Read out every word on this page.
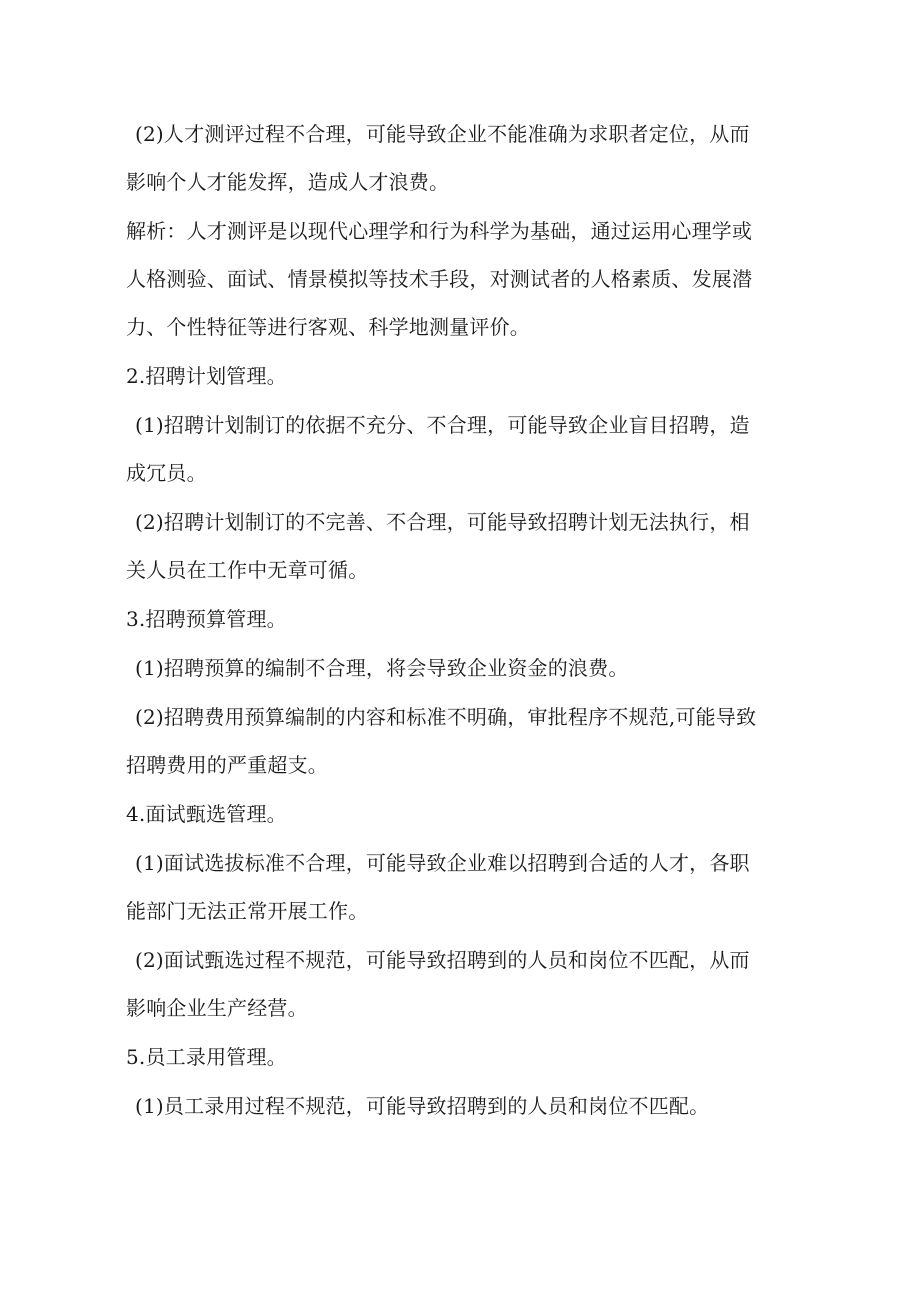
(2)人才测评过程不合理，可能导致企业不能准确为求职者定位，从而
影响个人才能发挥，造成人才浪费。
解析：人才测评是以现代心理学和行为科学为基础，通过运用心理学或
人格测验、面试、情景模拟等技术手段，对测试者的人格素质、发展潜
力、个性特征等进行客观、科学地测量评价。
2.招聘计划管理。
(1)招聘计划制订的依据不充分、不合理，可能导致企业盲目招聘，造
成冗员。
(2)招聘计划制订的不完善、不合理，可能导致招聘计划无法执行，相
关人员在工作中无章可循。
3.招聘预算管理。
(1)招聘预算的编制不合理，将会导致企业资金的浪费。
(2)招聘费用预算编制的内容和标准不明确，审批程序不规范,可能导致
招聘费用的严重超支。
4.面试甄选管理。
(1)面试选拔标准不合理，可能导致企业难以招聘到合适的人才，各职
能部门无法正常开展工作。
(2)面试甄选过程不规范，可能导致招聘到的人员和岗位不匹配，从而
影响企业生产经营。
5.员工录用管理。
(1)员工录用过程不规范，可能导致招聘到的人员和岗位不匹配。
